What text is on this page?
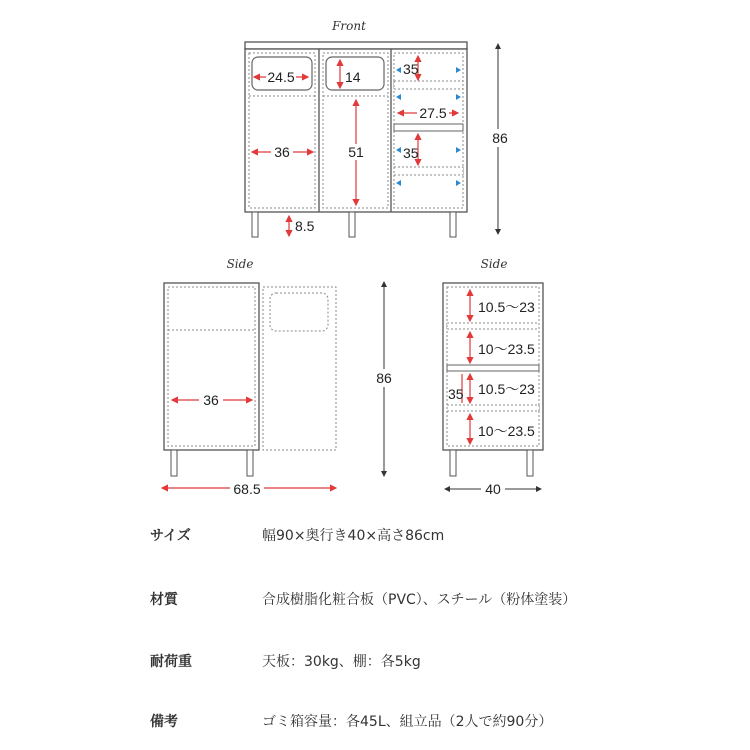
Front
24.5	14
36	51
8.5
35
27.5
35
86
Side
36
68.5
86
Side
10.5～23
10～23.5
10.5～23
10～23.5
35
40
サイズ	幅90×奥行き40×高さ86cm
材質	合成樹脂化粧合板（PVC）、スチール（粉体塗装）
耐荷重	天板：30kg、棚：各5kg
備考	ゴミ箱容量：各45L、組立品（2人で約90分）
